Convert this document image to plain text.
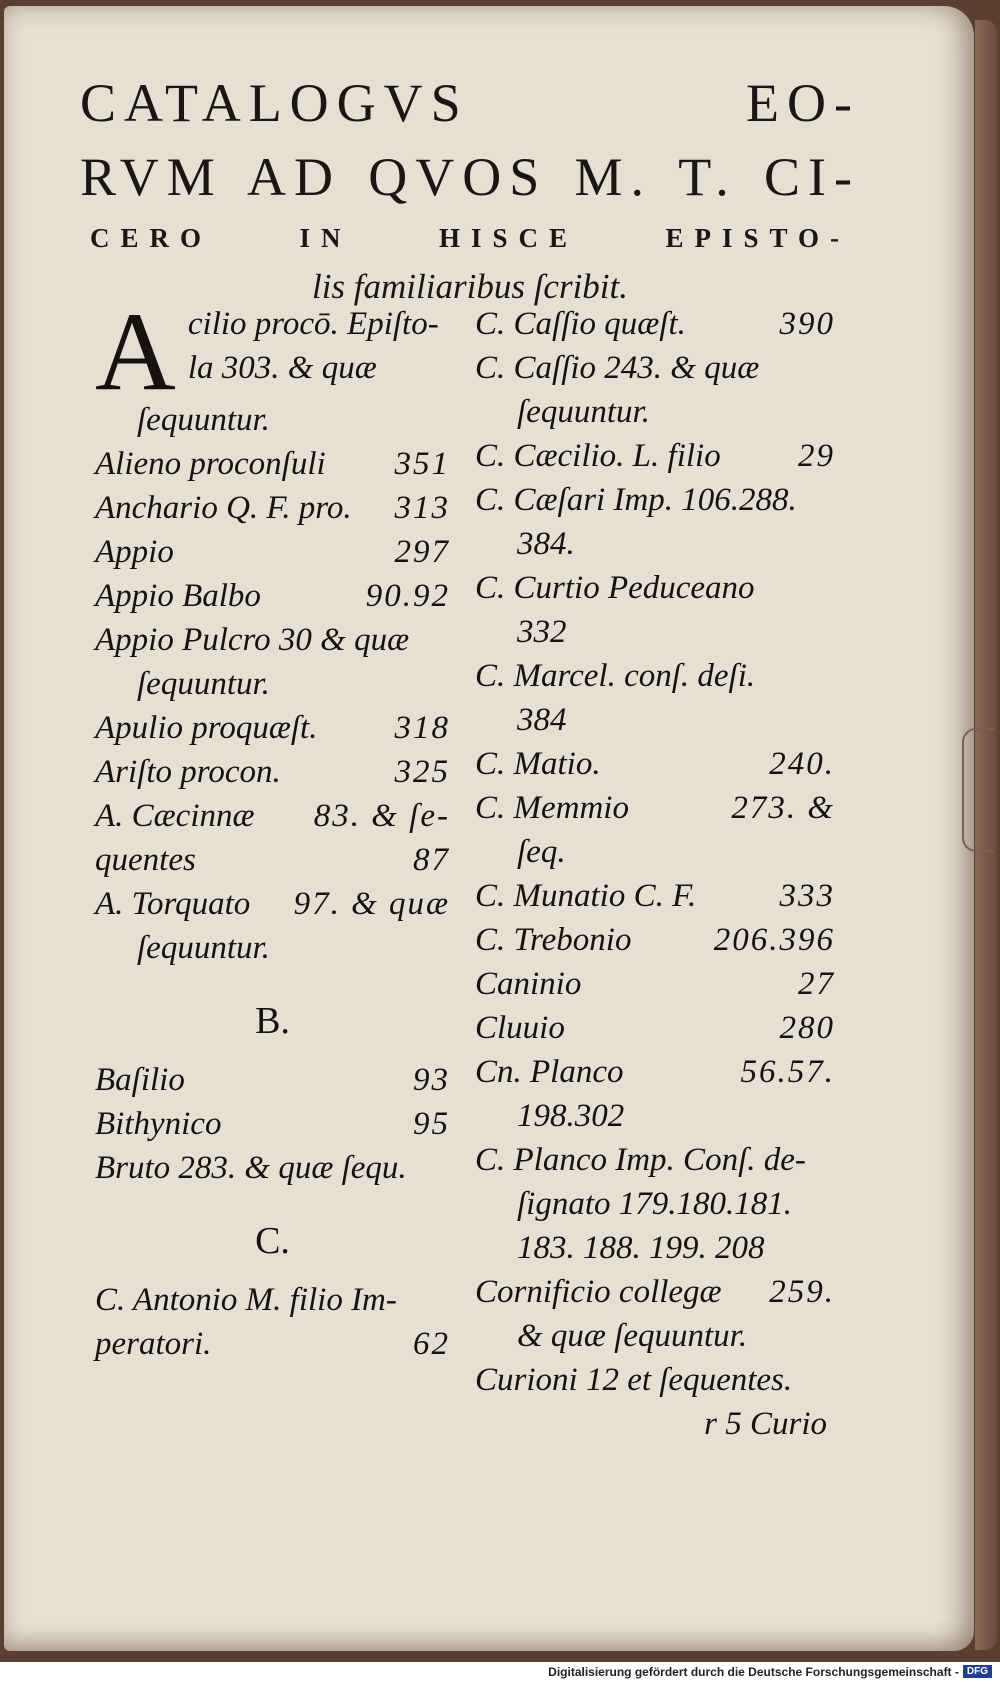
CATALOGVS EO-
RVM AD QVOS M. T. CI-
CERO IN HISCE EPISTO-
lis familiaribus ſcribit.
A cilio procō. Epiſto-
la 303. & quæ
ſequuntur.
Alieno proconſuli 351
Anchario Q. F. pro. 313
Appio	297
Appio Balbo	90.92
Appio Pulcro 30 & quæ
ſequuntur.
Apulio proquæſt. 318
Ariſto procon.	325
A. Cæcinnæ 83. & ſe-
quentes	87
A. Torquato 97. & quæ
ſequuntur.
B.
Baſilio	93
Bithynico	95
Bruto 283. & quæ ſequ.
C.
C. Antonio M. filio Im-
peratori.	62
C. Caſſio quæſt.	390
C. Caſſio 243. & quæ
ſequuntur.
C. Cæcilio. L. filio 29
C. Cæſari Imp. 106.288.
384.
C. Curtio Peduceano
332
C. Marcel. conſ. deſi.
384
C. Matio.	240.
C. Memmio	273. &
ſeq.
C. Munatio C. F.	333
C. Trebonio 206.396
Caninio	27
Cluuio	280
Cn. Planco	56.57.
198.302
C. Planco Imp. Conſ. de-
ſignato 179.180.181.
183. 188. 199. 208
Cornificio collegæ 259.
& quæ ſequuntur.
Curioni 12 et ſequentes.
r 5 Curio
Digitalisierung gefördert durch die Deutsche Forschungsgemeinschaft - DFG
